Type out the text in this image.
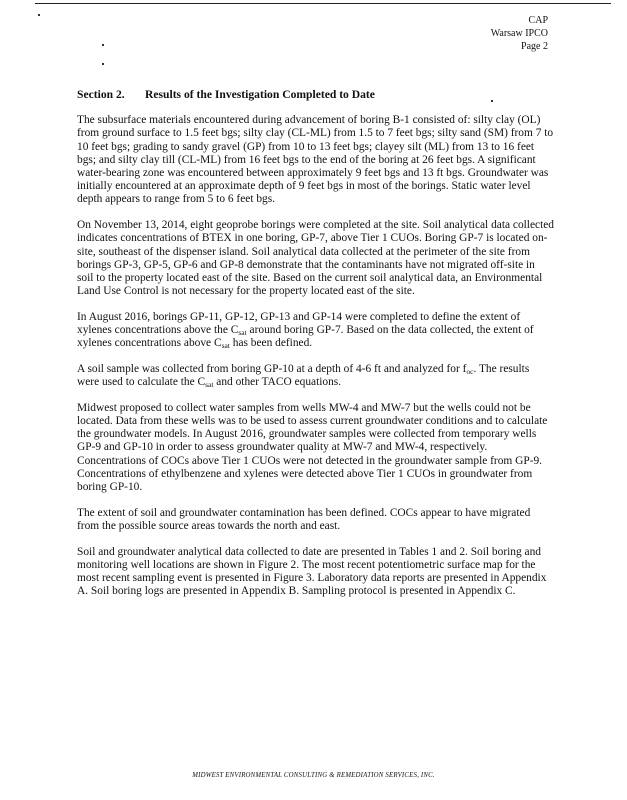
CAP
Warsaw IPCO
Page 2
Section 2. Results of the Investigation Completed to Date

The subsurface materials encountered during advancement of boring B-1 consisted of: silty clay (OL) from ground surface to 1.5 feet bgs; silty clay (CL-ML) from 1.5 to 7 feet bgs; silty sand (SM) from 7 to 10 feet bgs; grading to sandy gravel (GP) from 10 to 13 feet bgs; clayey silt (ML) from 13 to 16 feet bgs; and silty clay till (CL-ML) from 16 feet bgs to the end of the boring at 26 feet bgs. A significant water-bearing zone was encountered between approximately 9 feet bgs and 13 ft bgs. Groundwater was initially encountered at an approximate depth of 9 feet bgs in most of the borings. Static water level depth appears to range from 5 to 6 feet bgs.

On November 13, 2014, eight geoprobe borings were completed at the site. Soil analytical data collected indicates concentrations of BTEX in one boring, GP-7, above Tier 1 CUOs. Boring GP-7 is located on-site, southeast of the dispenser island. Soil analytical data collected at the perimeter of the site from borings GP-3, GP-5, GP-6 and GP-8 demonstrate that the contaminants have not migrated off-site in soil to the property located east of the site. Based on the current soil analytical data, an Environmental Land Use Control is not necessary for the property located east of the site.

In August 2016, borings GP-11, GP-12, GP-13 and GP-14 were completed to define the extent of xylenes concentrations above the $C_{sat}$ around boring GP-7. Based on the data collected, the extent of xylenes concentrations above $C_{sat}$ has been defined.

A soil sample was collected from boring GP-10 at a depth of 4-6 ft and analyzed for $f_{oc}$. The results were used to calculate the $C_{sat}$ and other TACO equations.

Midwest proposed to collect water samples from wells MW-4 and MW-7 but the wells could not be located. Data from these wells was to be used to assess current groundwater conditions and to calculate the groundwater models. In August 2016, groundwater samples were collected from temporary wells GP-9 and GP-10 in order to assess groundwater quality at MW-7 and MW-4, respectively. Concentrations of COCs above Tier 1 CUOs were not detected in the groundwater sample from GP-9. Concentrations of ethylbenzene and xylenes were detected above Tier 1 CUOs in groundwater from boring GP-10.

The extent of soil and groundwater contamination has been defined. COCs appear to have migrated from the possible source areas towards the north and east.

Soil and groundwater analytical data collected to date are presented in Tables 1 and 2. Soil boring and monitoring well locations are shown in Figure 2. The most recent potentiometric surface map for the most recent sampling event is presented in Figure 3. Laboratory data reports are presented in Appendix A. Soil boring logs are presented in Appendix B. Sampling protocol is presented in Appendix C.

MIDWEST ENVIRONMENTAL CONSULTING & REMEDIATION SERVICES, INC.
